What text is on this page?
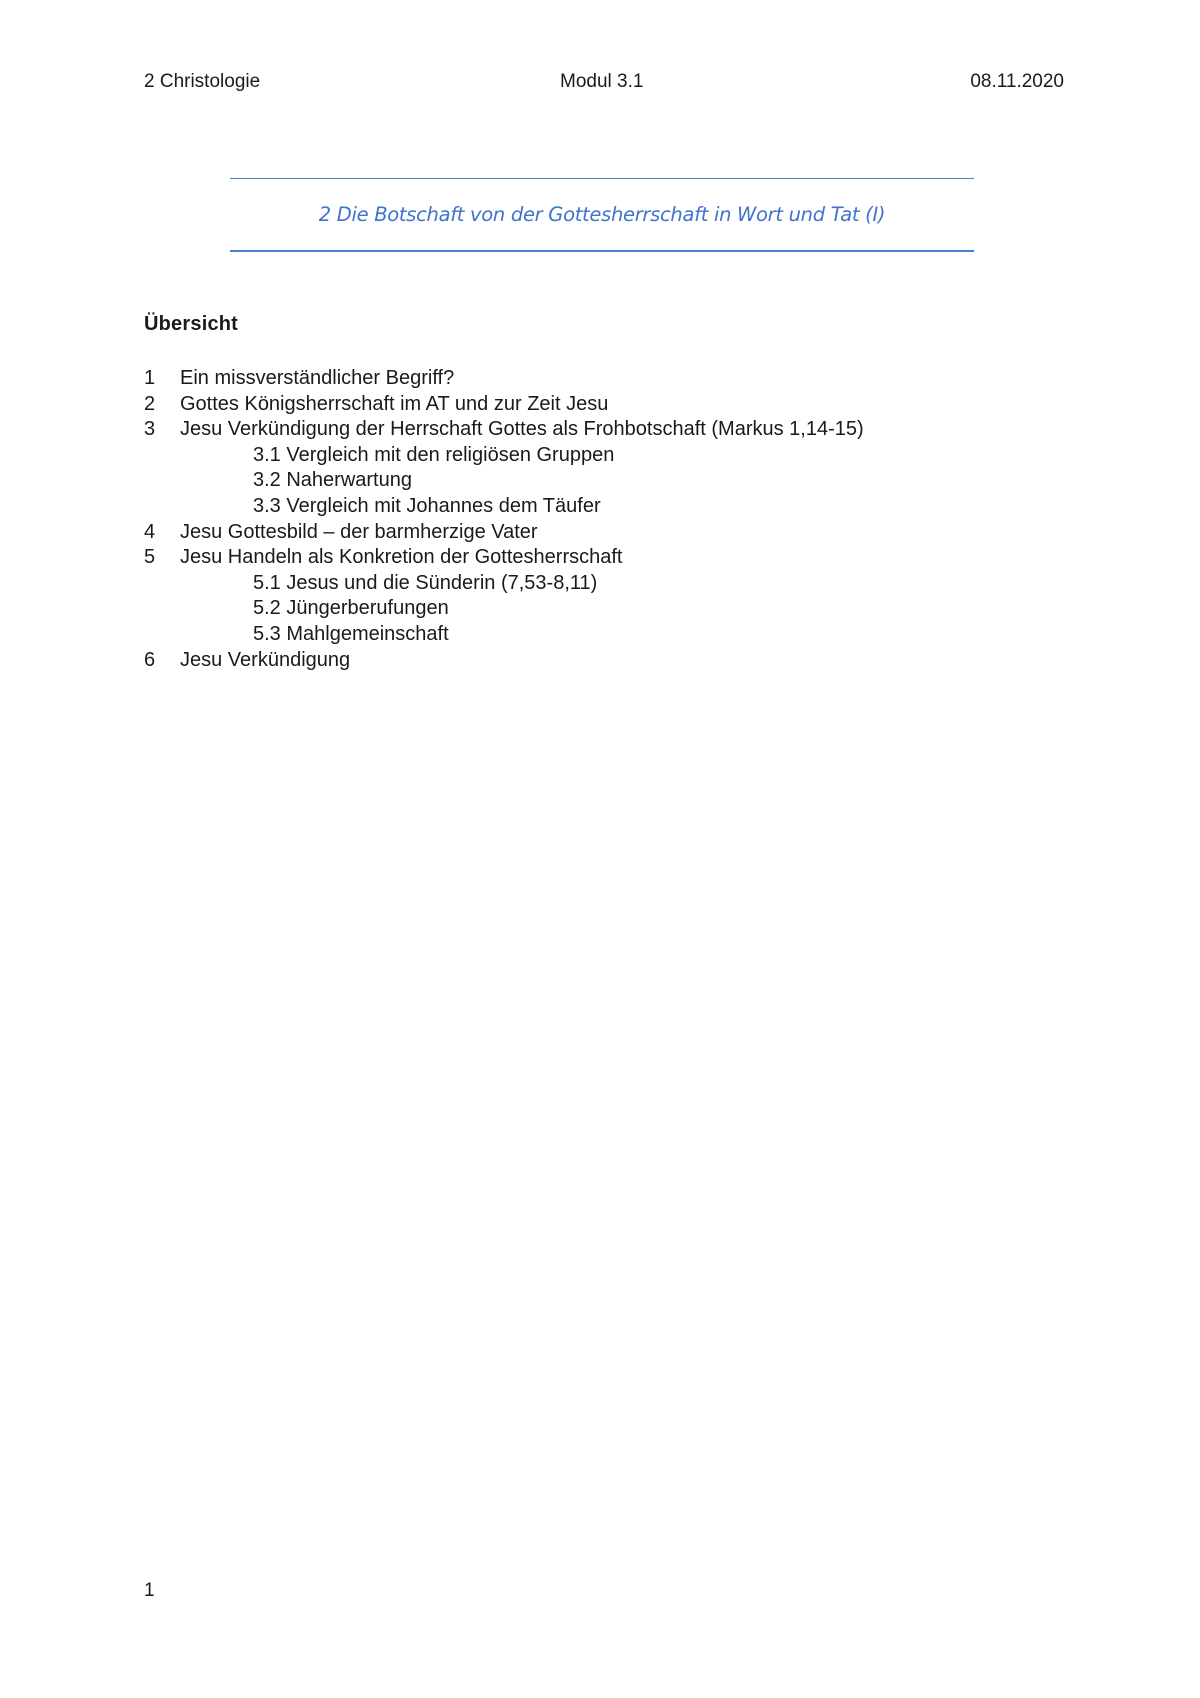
2 Christologie	Modul 3.1	08.11.2020
2 Die Botschaft von der Gottesherrschaft in Wort und Tat (I)
Übersicht
1 Ein missverständlicher Begriff?
2 Gottes Königsherrschaft im AT und zur Zeit Jesu
3 Jesu Verkündigung der Herrschaft Gottes als Frohbotschaft (Markus 1,14-15)
3.1 Vergleich mit den religiösen Gruppen
3.2 Naherwartung
3.3 Vergleich mit Johannes dem Täufer
4 Jesu Gottesbild – der barmherzige Vater
5 Jesu Handeln als Konkretion der Gottesherrschaft
5.1 Jesus und die Sünderin (7,53-8,11)
5.2 Jüngerberufungen
5.3 Mahlgemeinschaft
6 Jesu Verkündigung
1
